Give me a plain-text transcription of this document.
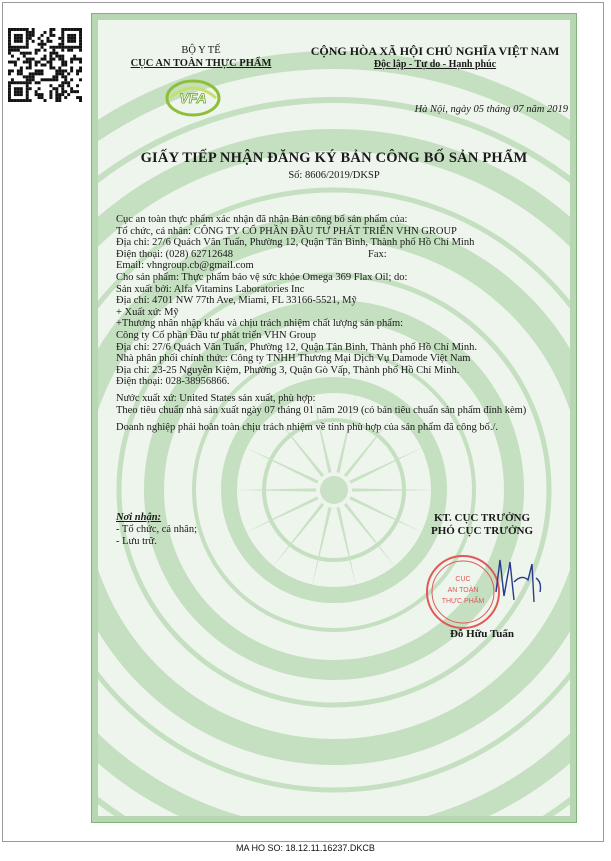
BỘ Y TẾ
CỤC AN TOÀN THỰC PHẨM
VFA
CỘNG HÒA XÃ HỘI CHỦ NGHĨA VIỆT NAM
Độc lập - Tự do - Hạnh phúc
Hà Nội, ngày 05 tháng 07 năm 2019
GIẤY TIẾP NHẬN ĐĂNG KÝ BẢN CÔNG BỐ SẢN PHẨM
Số: 8606/2019/DKSP

Cục an toàn thực phẩm xác nhận đã nhận Bản công bố sản phẩm của:

Tổ chức, cá nhân: CÔNG TY CỔ PHẦN ĐẦU TƯ PHÁT TRIỂN VHN GROUP

Địa chỉ: 27/6 Quách Văn Tuấn, Phường 12, Quận Tân Bình, Thành phố Hồ Chí Minh

Điện thoại: (028) 62712648	Fax:

Email: vhngroup.cb@gmail.com

Cho sản phẩm: Thực phẩm bảo vệ sức khỏe Omega 369 Flax Oil; do:

Sản xuất bởi: Alfa Vitamins Laboratories Inc

Địa chỉ: 4701 NW 77th Ave, Miami, FL 33166-5521, Mỹ

+ Xuất xứ: Mỹ

+Thương nhân nhập khẩu và chịu trách nhiệm chất lượng sản phẩm:

Công ty Cổ phần Đầu tư phát triển VHN Group

Địa chỉ: 27/6 Quách Văn Tuấn, Phường 12, Quận Tân Bình, Thành phố Hồ Chí Minh.

Nhà phân phối chính thức: Công ty TNHH Thương Mại Dịch Vụ Damode Việt Nam

Địa chỉ: 23-25 Nguyễn Kiệm, Phường 3, Quận Gò Vấp, Thành phố Hồ Chí Minh.

Điện thoại: 028-38956866.

Nước xuất xứ: United States sản xuất, phù hợp:

Theo tiêu chuẩn nhà sản xuất ngày 07 tháng 01 năm 2019 (có bản tiêu chuẩn sản phẩm đính kèm)

Doanh nghiệp phải hoàn toàn chịu trách nhiệm về tính phù hợp của sản phẩm đã công bố./.

Nơi nhận:
- Tổ chức, cá nhân;
- Lưu trữ.
KT. CỤC TRƯỞNG
PHÓ CỤC TRƯỞNG
CỤC
AN TOÀN
THỰC PHẨM
Đỗ Hữu Tuấn
MA HO SO: 18.12.11.16237.DKCB
